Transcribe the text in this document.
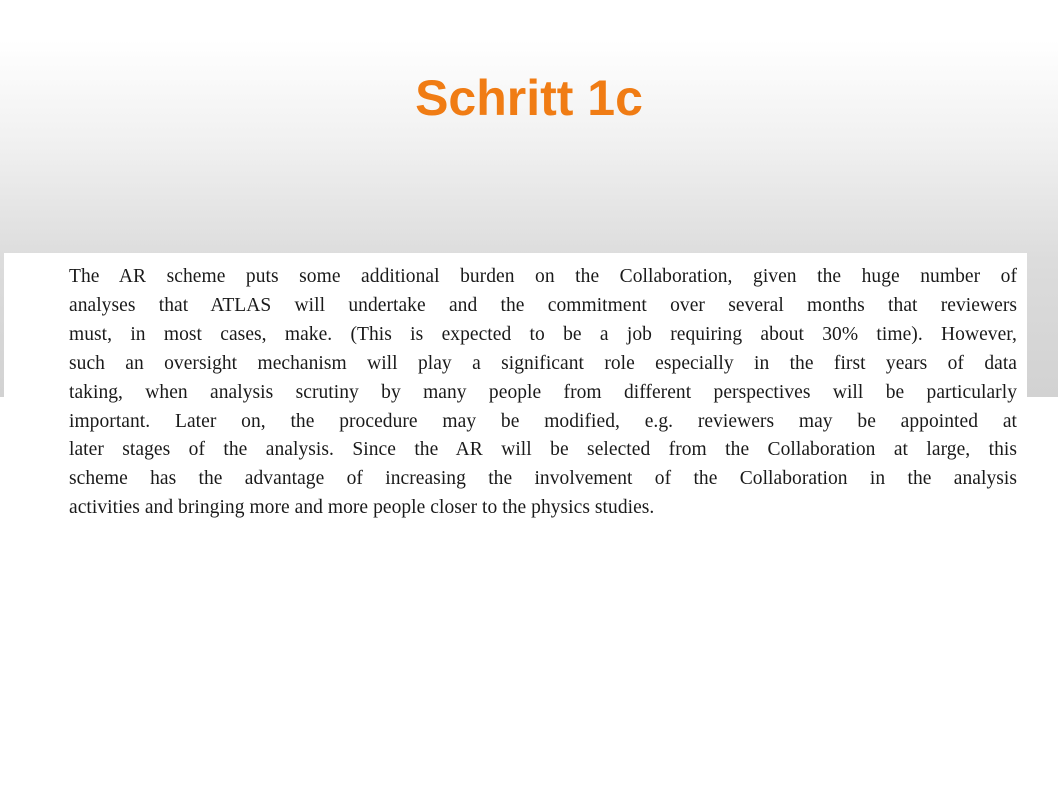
Schritt 1c

The AR scheme puts some additional burden on the Collaboration, given the huge number of
analyses that ATLAS will undertake and the commitment over several months that reviewers
must, in most cases, make. (This is expected to be a job requiring about 30% time). However,
such an oversight mechanism will play a significant role especially in the first years of data
taking, when analysis scrutiny by many people from different perspectives will be particularly
important. Later on, the procedure may be modified, e.g. reviewers may be appointed at
later stages of the analysis. Since the AR will be selected from the Collaboration at large, this
scheme has the advantage of increasing the involvement of the Collaboration in the analysis
activities and bringing more and more people closer to the physics studies.
